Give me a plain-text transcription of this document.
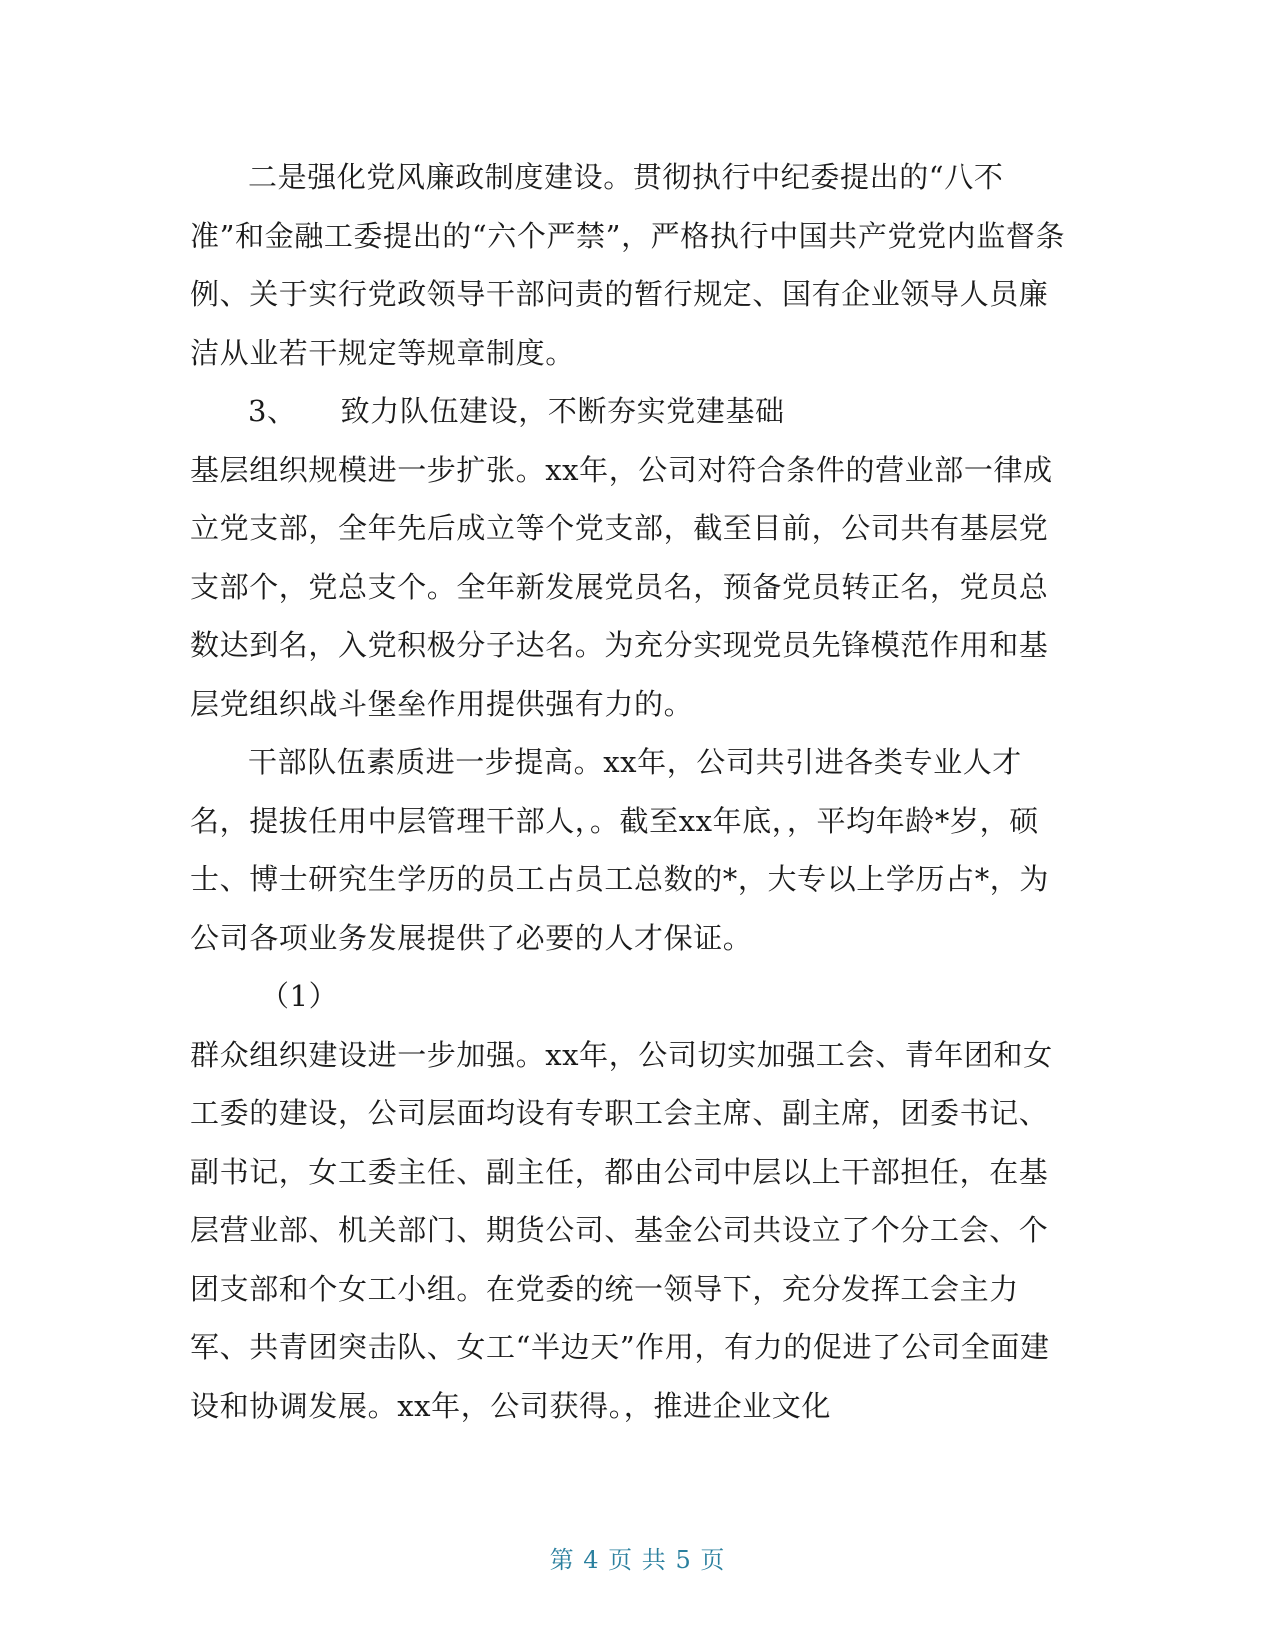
二是强化党风廉政制度建设。贯彻执行中纪委提出的“八不准”和金融工委提出的“六个严禁”，严格执行中国共产党党内监督条例、关于实行党政领导干部问责的暂行规定、国有企业领导人员廉洁从业若干规定等规章制度。

3、 致力队伍建设，不断夯实党建基础

基层组织规模进一步扩张。xx年，公司对符合条件的营业部一律成立党支部，全年先后成立等个党支部，截至目前，公司共有基层党支部个，党总支个。全年新发展党员名，预备党员转正名，党员总数达到名，入党积极分子达名。为充分实现党员先锋模范作用和基层党组织战斗堡垒作用提供强有力的。

干部队伍素质进一步提高。xx年，公司共引进各类专业人才名，提拔任用中层管理干部人，。截至xx年底，，平均年龄*岁，硕士、博士研究生学历的员工占员工总数的*，大专以上学历占*，为公司各项业务发展提供了必要的人才保证。

（1）

群众组织建设进一步加强。xx年，公司切实加强工会、青年团和女工委的建设，公司层面均设有专职工会主席、副主席，团委书记、副书记，女工委主任、副主任，都由公司中层以上干部担任，在基层营业部、机关部门、期货公司、基金公司共设立了个分工会、个团支部和个女工小组。在党委的统一领导下，充分发挥工会主力军、共青团突击队、女工“半边天”作用，有力的促进了公司全面建设和协调发展。xx年，公司获得。，推进企业文化

第 4 页 共 5 页
